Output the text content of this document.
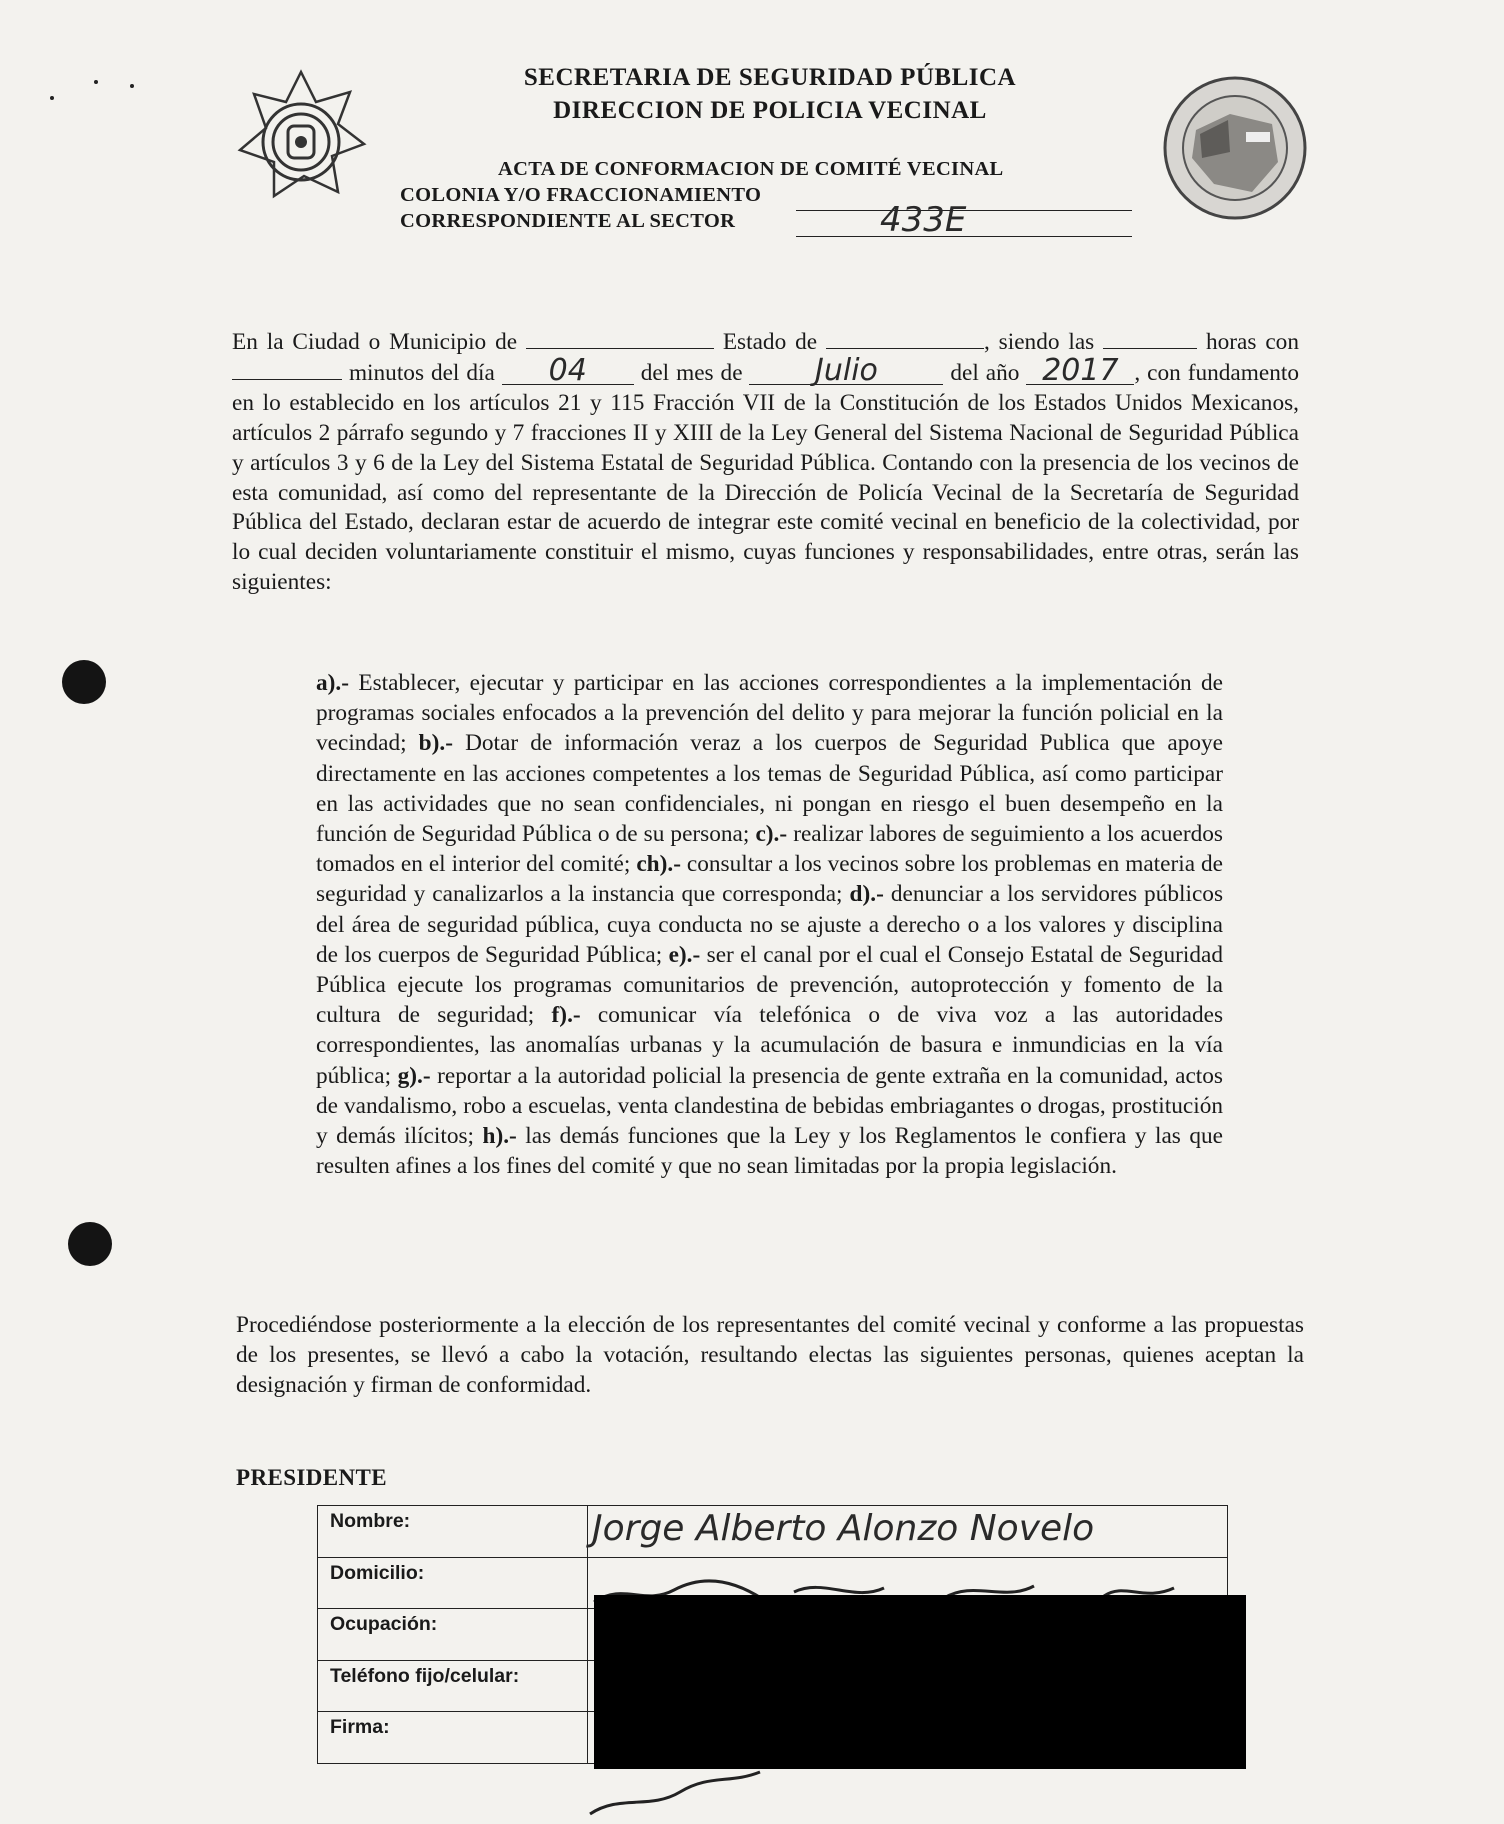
SECRETARIA DE SEGURIDAD PÚBLICA
DIRECCION DE POLICIA VECINAL
ACTA DE CONFORMACION DE COMITÉ VECINAL
COLONIA Y/O FRACCIONAMIENTO
CORRESPONDIENTE AL SECTOR	433E
En la Ciudad o Municipio de	Estado de	, siendo las	horas con  minutos del día 04 del mes de Julio	del año 2017 , con fundamento en lo establecido en los artículos 21 y 115 Fracción VII de la Constitución de los Estados Unidos Mexicanos, artículos 2 párrafo segundo y 7 fracciones II y XIII de la Ley General del Sistema Nacional de Seguridad Pública y artículos 3 y 6 de la Ley del Sistema Estatal de Seguridad Pública. Contando con la presencia de los vecinos de esta comunidad, así como del representante de la Dirección de Policía Vecinal de la Secretaría de Seguridad Pública del Estado, declaran estar de acuerdo de integrar este comité vecinal en beneficio de la colectividad, por lo cual deciden voluntariamente constituir el mismo, cuyas funciones y responsabilidades, entre otras, serán las siguientes:
a).- Establecer, ejecutar y participar en las acciones correspondientes a la implementación de programas sociales enfocados a la prevención del delito y para mejorar la función policial en la vecindad; b).- Dotar de información veraz a los cuerpos de Seguridad Publica que apoye directamente en las acciones competentes a los temas de Seguridad Pública, así como participar en las actividades que no sean confidenciales, ni pongan en riesgo el buen desempeño en la función de Seguridad Pública o de su persona; c).- realizar labores de seguimiento a los acuerdos tomados en el interior del comité; ch).- consultar a los vecinos sobre los problemas en materia de seguridad y canalizarlos a la instancia que corresponda; d).- denunciar a los servidores públicos del área de seguridad pública, cuya conducta no se ajuste a derecho o a los valores y disciplina de los cuerpos de Seguridad Pública; e).- ser el canal por el cual el Consejo Estatal de Seguridad Pública ejecute los programas comunitarios de prevención, autoprotección y fomento de la cultura de seguridad; f).- comunicar vía telefónica o de viva voz a las autoridades correspondientes, las anomalías urbanas y la acumulación de basura e inmundicias en la vía pública; g).- reportar a la autoridad policial la presencia de gente extraña en la comunidad, actos de vandalismo, robo a escuelas, venta clandestina de bebidas embriagantes o drogas, prostitución y demás ilícitos; h).- las demás funciones que la Ley y los Reglamentos le confiera y las que resulten afines a los fines del comité y que no sean limitadas por la propia legislación.
Procediéndose posteriormente a la elección de los representantes del comité vecinal y conforme a las propuestas de los presentes, se llevó a cabo la votación, resultando electas las siguientes personas, quienes aceptan la designación y firman de conformidad.
PRESIDENTE
Nombre:	Jorge Alberto Alonzo Novelo

Domicilio:	
Ocupación:	
Teléfono fijo/celular:	
Firma:	
